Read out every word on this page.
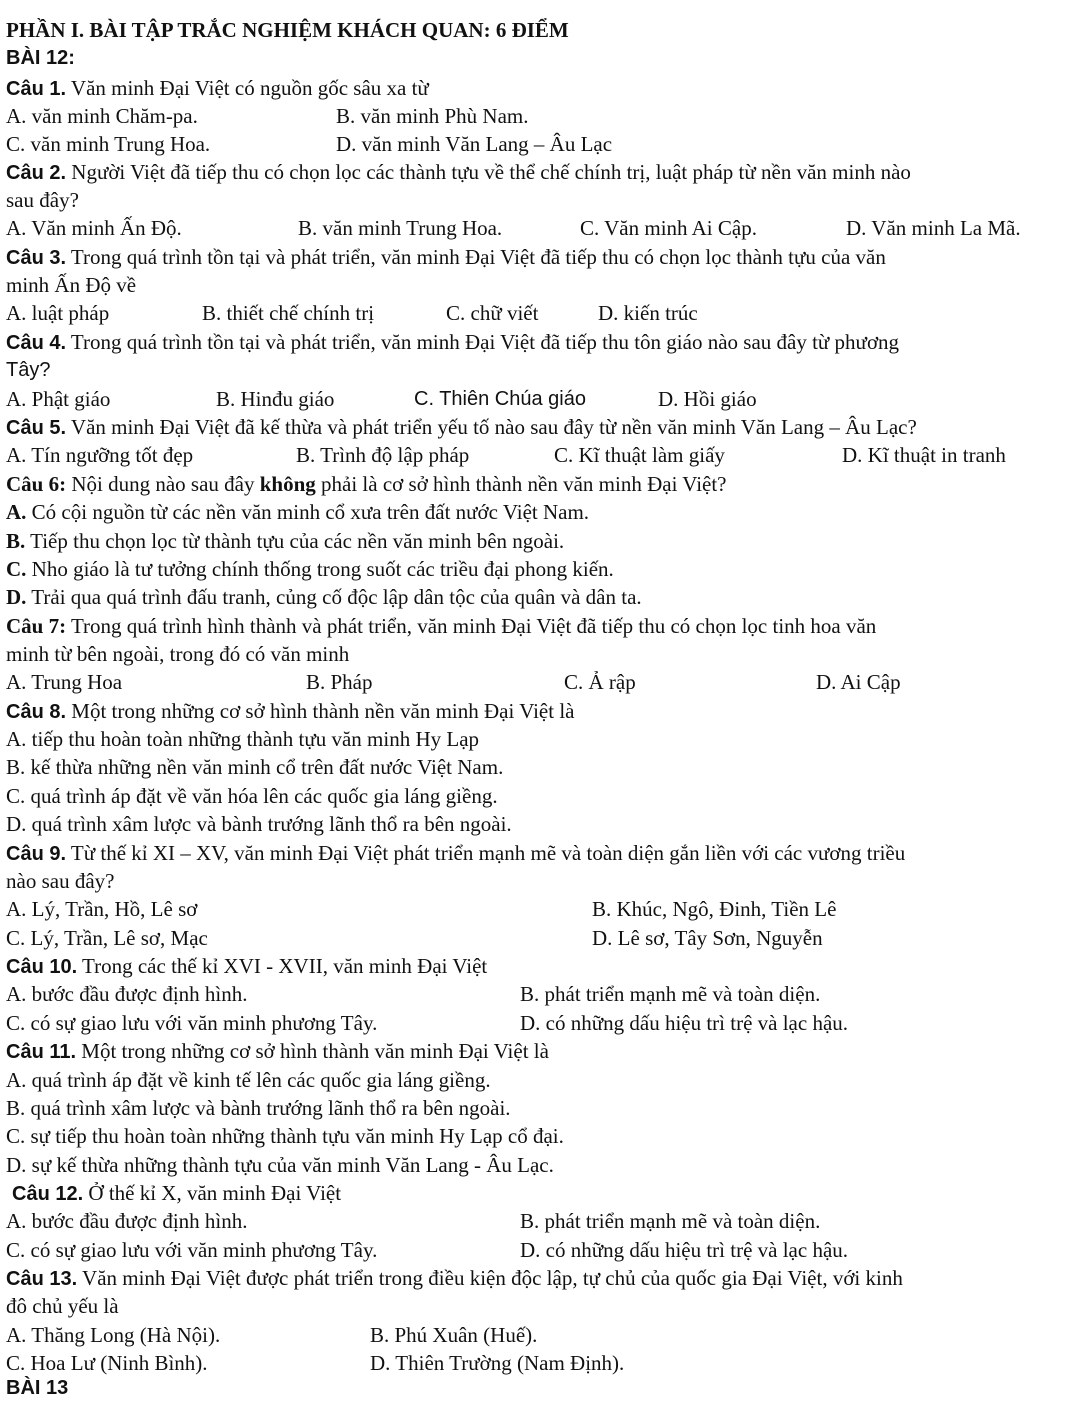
PHẦN I. BÀI TẬP TRẮC NGHIỆM KHÁCH QUAN: 6 ĐIỂM
BÀI 12:
Câu 1. Văn minh Đại Việt có nguồn gốc sâu xa từ
A. văn minh Chăm-pa.	B. văn minh Phù Nam.
C. văn minh Trung Hoa.	D. văn minh Văn Lang – Âu Lạc
Câu 2. Người Việt đã tiếp thu có chọn lọc các thành tựu về thể chế chính trị, luật pháp từ nền văn minh nào
sau đây?
A. Văn minh Ấn Độ.	B. văn minh Trung Hoa.	C. Văn minh Ai Cập.	D. Văn minh La Mã.
Câu 3. Trong quá trình tồn tại và phát triển, văn minh Đại Việt đã tiếp thu có chọn lọc thành tựu của văn
minh Ấn Độ về
A. luật pháp	B. thiết chế chính trị	C. chữ viết	D. kiến trúc
Câu 4. Trong quá trình tồn tại và phát triển, văn minh Đại Việt đã tiếp thu tôn giáo nào sau đây từ phương
Tây?
A. Phật giáo	B. Hinđu giáo	C. Thiên Chúa giáo	D. Hồi giáo
Câu 5. Văn minh Đại Việt đã kế thừa và phát triển yếu tố nào sau đây từ nền văn minh Văn Lang – Âu Lạc?
A. Tín ngưỡng tốt đẹp	B. Trình độ lập pháp	C. Kĩ thuật làm giấy	D. Kĩ thuật in tranh
Câu 6: Nội dung nào sau đây không phải là cơ sở hình thành nền văn minh Đại Việt?
A. Có cội nguồn từ các nền văn minh cổ xưa trên đất nước Việt Nam.
B. Tiếp thu chọn lọc từ thành tựu của các nền văn minh bên ngoài.
C. Nho giáo là tư tưởng chính thống trong suốt các triều đại phong kiến.
D. Trải qua quá trình đấu tranh, củng cố độc lập dân tộc của quân và dân ta.
Câu 7: Trong quá trình hình thành và phát triển, văn minh Đại Việt đã tiếp thu có chọn lọc tinh hoa văn
minh từ bên ngoài, trong đó có văn minh
A. Trung Hoa	B. Pháp	C. Ả rập	D. Ai Cập
Câu 8. Một trong những cơ sở hình thành nền văn minh Đại Việt là
A. tiếp thu hoàn toàn những thành tựu văn minh Hy Lạp
B. kế thừa những nền văn minh cổ trên đất nước Việt Nam.
C. quá trình áp đặt về văn hóa lên các quốc gia láng giềng.
D. quá trình xâm lược và bành trướng lãnh thổ ra bên ngoài.
Câu 9. Từ thế kỉ XI – XV, văn minh Đại Việt phát triển mạnh mẽ và toàn diện gắn liền với các vương triều
nào sau đây?
A. Lý, Trần, Hồ, Lê sơ	B. Khúc, Ngô, Đinh, Tiền Lê
C. Lý, Trần, Lê sơ, Mạc	D. Lê sơ, Tây Sơn, Nguyễn
Câu 10. Trong các thế kỉ XVI - XVII, văn minh Đại Việt
A. bước đầu được định hình.	B. phát triển mạnh mẽ và toàn diện.
C. có sự giao lưu với văn minh phương Tây.	D. có những dấu hiệu trì trệ và lạc hậu.
Câu 11. Một trong những cơ sở hình thành văn minh Đại Việt là
A. quá trình áp đặt về kinh tế lên các quốc gia láng giềng.
B. quá trình xâm lược và bành trướng lãnh thổ ra bên ngoài.
C. sự tiếp thu hoàn toàn những thành tựu văn minh Hy Lạp cổ đại.
D. sự kế thừa những thành tựu của văn minh Văn Lang - Âu Lạc.
Câu 12. Ở thế kỉ X, văn minh Đại Việt
A. bước đầu được định hình.	B. phát triển mạnh mẽ và toàn diện.
C. có sự giao lưu với văn minh phương Tây.	D. có những dấu hiệu trì trệ và lạc hậu.
Câu 13. Văn minh Đại Việt được phát triển trong điều kiện độc lập, tự chủ của quốc gia Đại Việt, với kinh
đô chủ yếu là
A. Thăng Long (Hà Nội).	B. Phú Xuân (Huế).
C. Hoa Lư (Ninh Bình).	D. Thiên Trường (Nam Định).
BÀI 13
